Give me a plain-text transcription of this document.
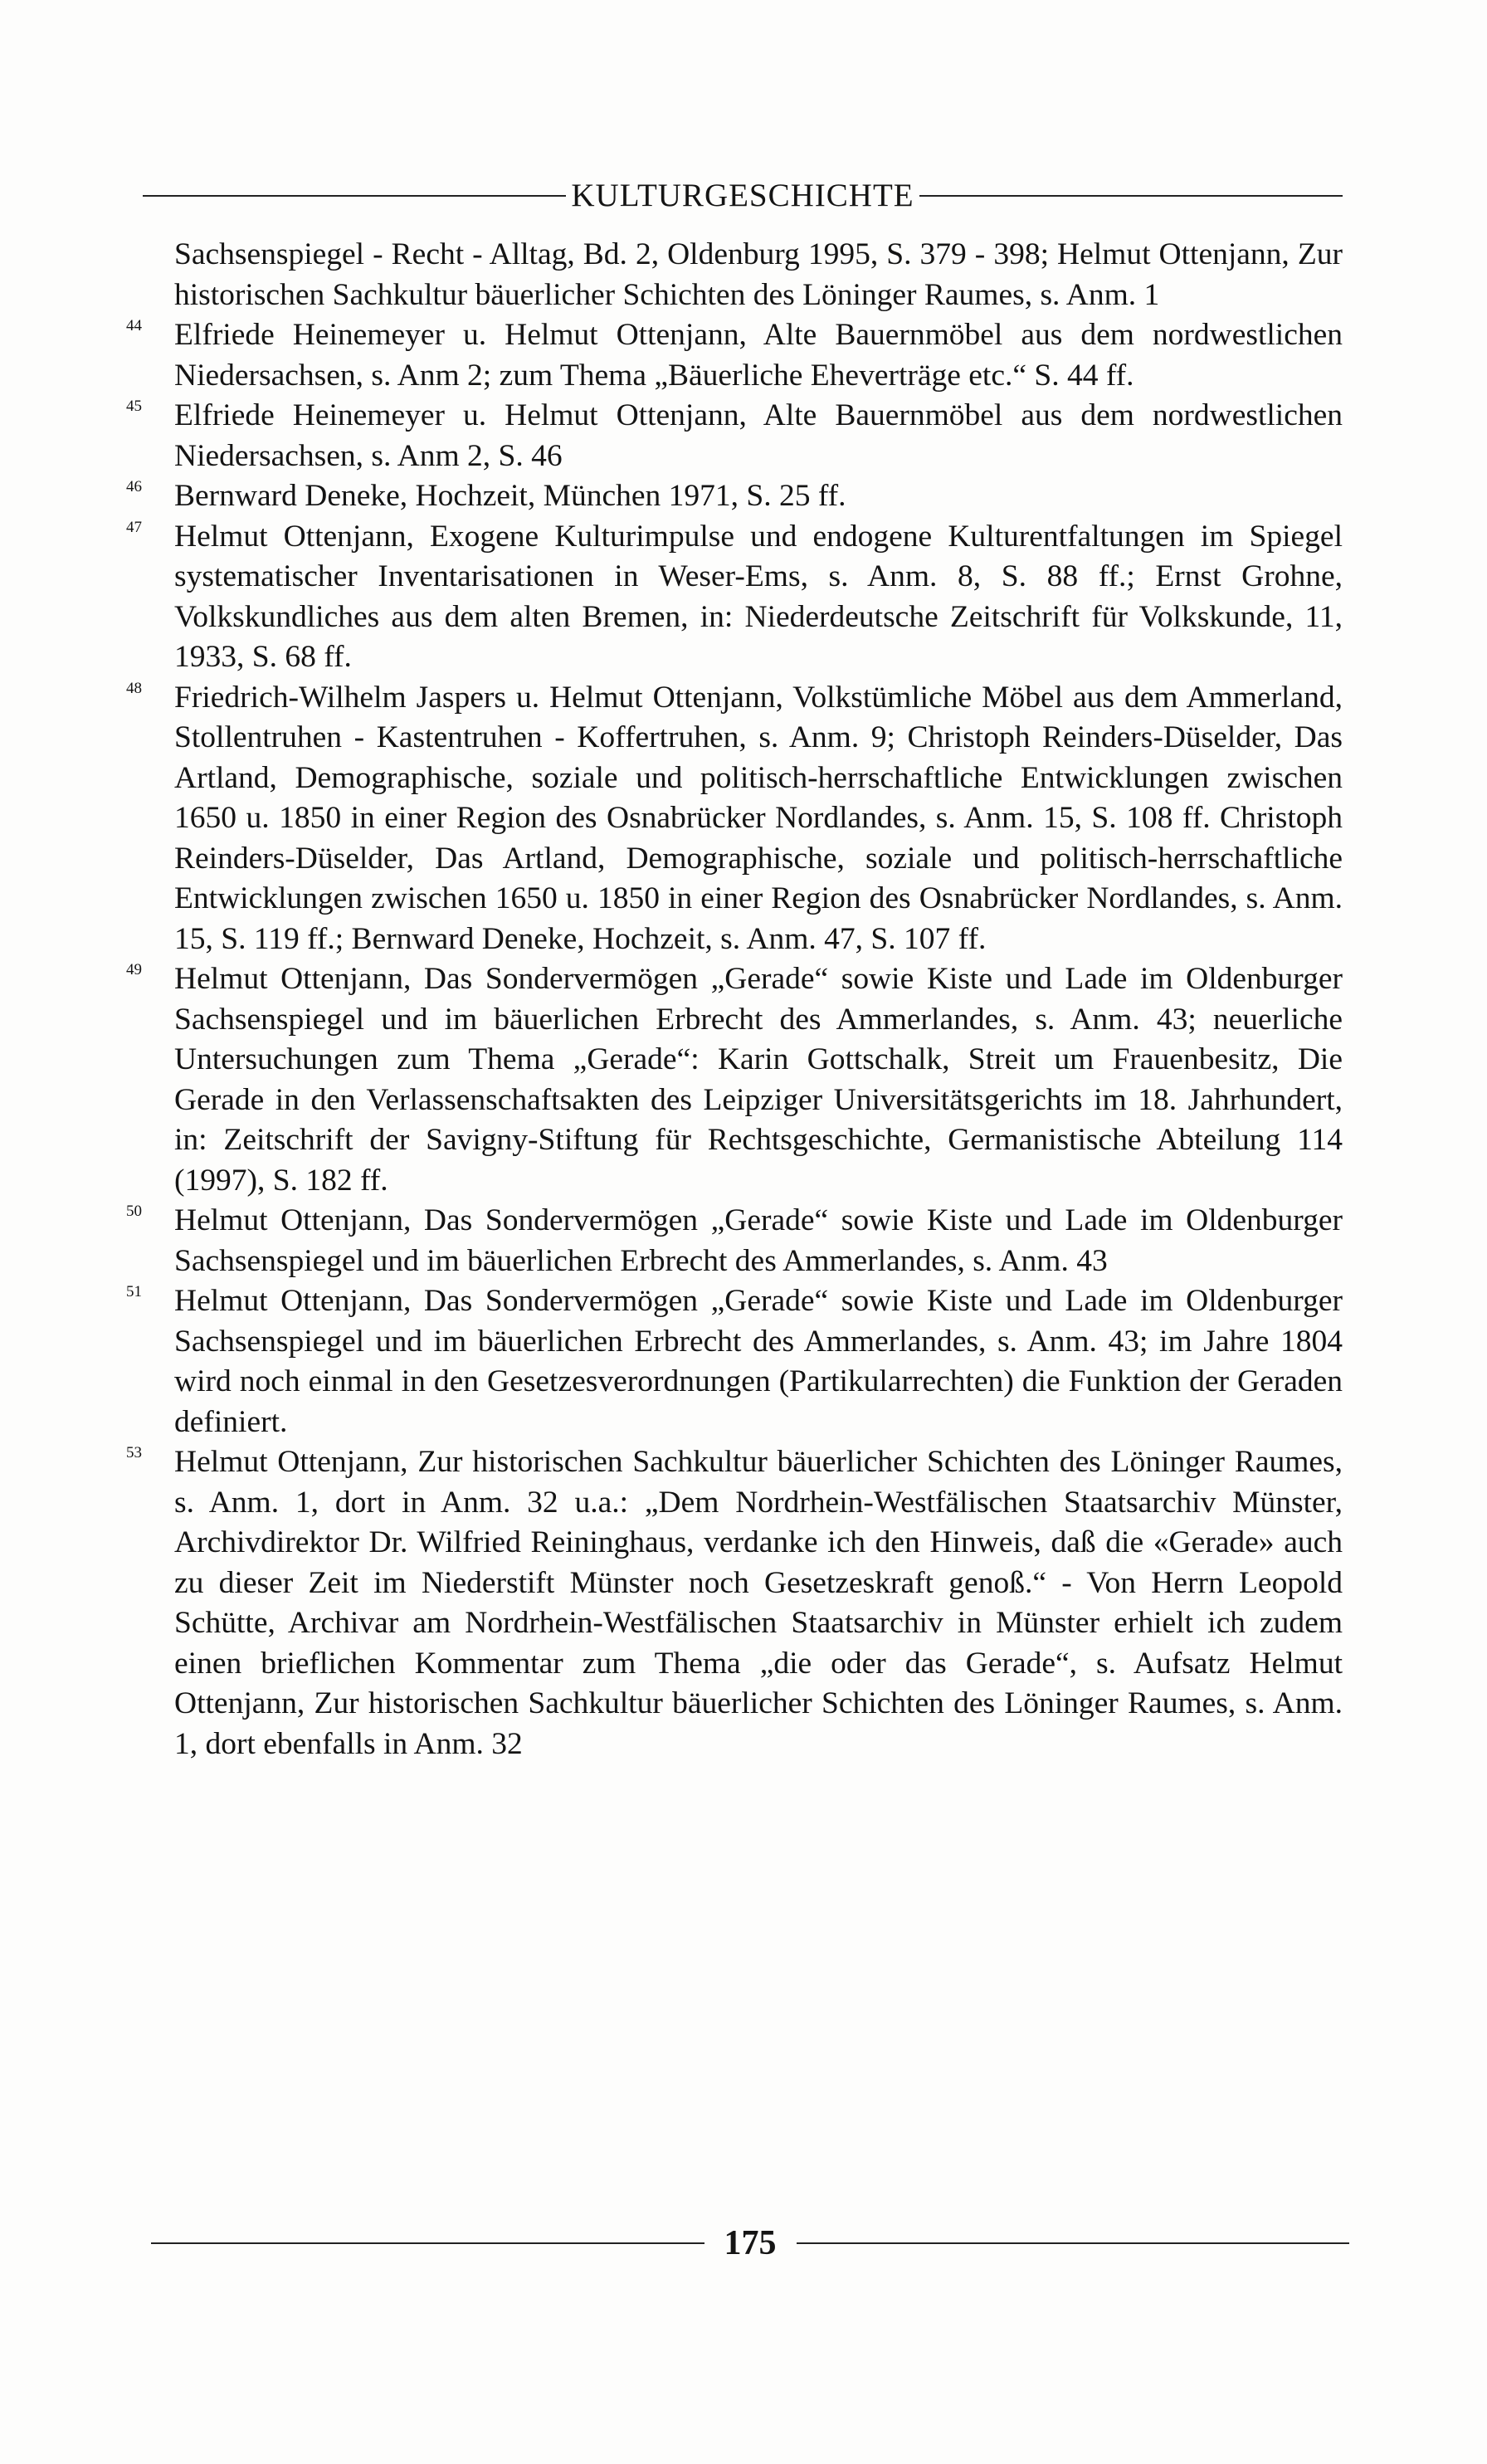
KULTURGESCHICHTE

Sachsenspiegel - Recht - Alltag, Bd. 2, Oldenburg 1995, S. 379 - 398; Helmut Ottenjann, Zur historischen Sachkultur bäuerlicher Schichten des Löninger Raumes, s. Anm. 1

44	Elfriede Heinemeyer u. Helmut Ottenjann, Alte Bauernmöbel aus dem nordwestlichen Niedersachsen, s. Anm 2; zum Thema „Bäuerliche Eheverträge etc.“ S. 44 ff.

45	Elfriede Heinemeyer u. Helmut Ottenjann, Alte Bauernmöbel aus dem nordwestlichen Niedersachsen, s. Anm 2, S. 46

46	Bernward Deneke, Hochzeit, München 1971, S. 25 ff.

47	Helmut Ottenjann, Exogene Kulturimpulse und endogene Kulturentfaltungen im Spiegel systematischer Inventarisationen in Weser-Ems, s. Anm. 8, S. 88 ff.; Ernst Grohne, Volkskundliches aus dem alten Bremen, in: Niederdeutsche Zeitschrift für Volkskunde, 11, 1933, S. 68 ff.

48	Friedrich-Wilhelm Jaspers u. Helmut Ottenjann, Volkstümliche Möbel aus dem Ammerland, Stollentruhen - Kastentruhen - Koffertruhen, s. Anm. 9; Christoph Reinders-Düselder, Das Artland, Demographische, soziale und politisch-herrschaftliche Entwicklungen zwischen 1650 u. 1850 in einer Region des Osnabrücker Nordlandes, s. Anm. 15, S. 108 ff. Christoph Reinders-Düselder, Das Artland, Demographische, soziale und politisch-herrschaftliche Entwicklungen zwischen 1650 u. 1850 in einer Region des Osnabrücker Nordlandes, s. Anm. 15, S. 119 ff.; Bernward Deneke, Hochzeit, s. Anm. 47, S. 107 ff.

49	Helmut Ottenjann, Das Sondervermögen „Gerade“ sowie Kiste und Lade im Oldenburger Sachsenspiegel und im bäuerlichen Erbrecht des Ammerlandes, s. Anm. 43; neuerliche Untersuchungen zum Thema „Gerade“: Karin Gottschalk, Streit um Frauenbesitz, Die Gerade in den Verlassenschaftsakten des Leipziger Universitätsgerichts im 18. Jahrhundert, in: Zeitschrift der Savigny-Stiftung für Rechtsgeschichte, Germanistische Abteilung 114 (1997), S. 182 ff.

50	Helmut Ottenjann, Das Sondervermögen „Gerade“ sowie Kiste und Lade im Oldenburger Sachsenspiegel und im bäuerlichen Erbrecht des Ammerlandes, s. Anm. 43

51	Helmut Ottenjann, Das Sondervermögen „Gerade“ sowie Kiste und Lade im Oldenburger Sachsenspiegel und im bäuerlichen Erbrecht des Ammerlandes, s. Anm. 43; im Jahre 1804 wird noch einmal in den Gesetzesverordnungen (Partikularrechten) die Funktion der Geraden definiert.

53	Helmut Ottenjann, Zur historischen Sachkultur bäuerlicher Schichten des Löninger Raumes, s. Anm. 1, dort in Anm. 32 u.a.: „Dem Nordrhein-Westfälischen Staatsarchiv Münster, Archivdirektor Dr. Wilfried Reininghaus, verdanke ich den Hinweis, daß die «Gerade» auch zu dieser Zeit im Niederstift Münster noch Gesetzeskraft genoß.“ - Von Herrn Leopold Schütte, Archivar am Nordrhein-Westfälischen Staatsarchiv in Münster erhielt ich zudem einen brieflichen Kommentar zum Thema „die oder das Gerade“, s. Aufsatz Helmut Ottenjann, Zur historischen Sachkultur bäuerlicher Schichten des Löninger Raumes, s. Anm. 1, dort ebenfalls in Anm. 32

175
